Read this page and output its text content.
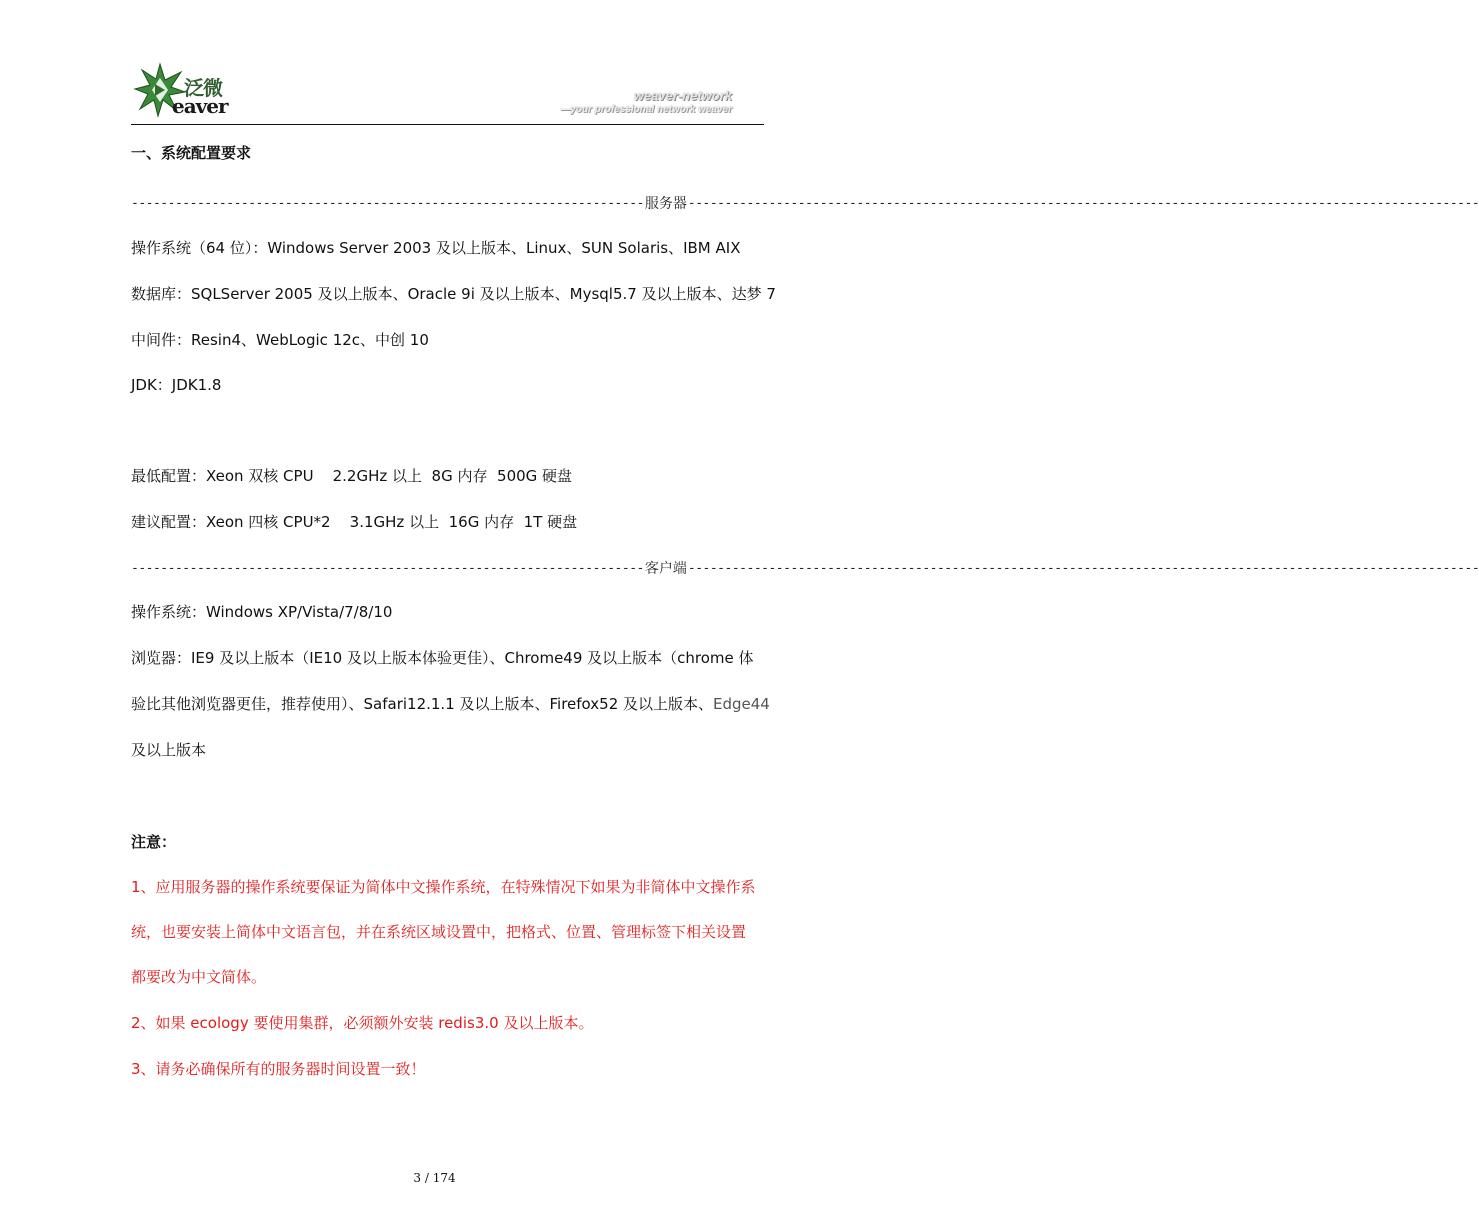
泛微
eaver	weaver-network
—your professional network weaver
一、系统配置要求
---------------------------------------------------------------------- 服务器 ------------------------------------------------------------------------------------------------------------
操作系统（64 位）：Windows Server 2003 及以上版本、Linux、SUN Solaris、IBM AIX
数据库：SQLServer 2005 及以上版本、Oracle 9i 及以上版本、Mysql5.7 及以上版本、达梦 7
中间件：Resin4、WebLogic 12c、中创 10
JDK：JDK1.8
最低配置：Xeon 双核 CPU    2.2GHz 以上  8G 内存  500G 硬盘
建议配置：Xeon 四核 CPU*2    3.1GHz 以上  16G 内存  1T 硬盘
---------------------------------------------------------------------- 客户端 ------------------------------------------------------------------------------------------------------------
操作系统：Windows XP/Vista/7/8/10
浏览器：IE9 及以上版本（IE10 及以上版本体验更佳）、Chrome49 及以上版本（chrome 体
验比其他浏览器更佳，推荐使用）、Safari12.1.1 及以上版本、Firefox52 及以上版本、Edge44
及以上版本
注意：
1、应用服务器的操作系统要保证为简体中文操作系统，在特殊情况下如果为非简体中文操作系
统，也要安装上简体中文语言包，并在系统区域设置中，把格式、位置、管理标签下相关设置
都要改为中文简体。
2、如果 ecology 要使用集群，必须额外安装 redis3.0 及以上版本。
3、请务必确保所有的服务器时间设置一致！
3 / 174
